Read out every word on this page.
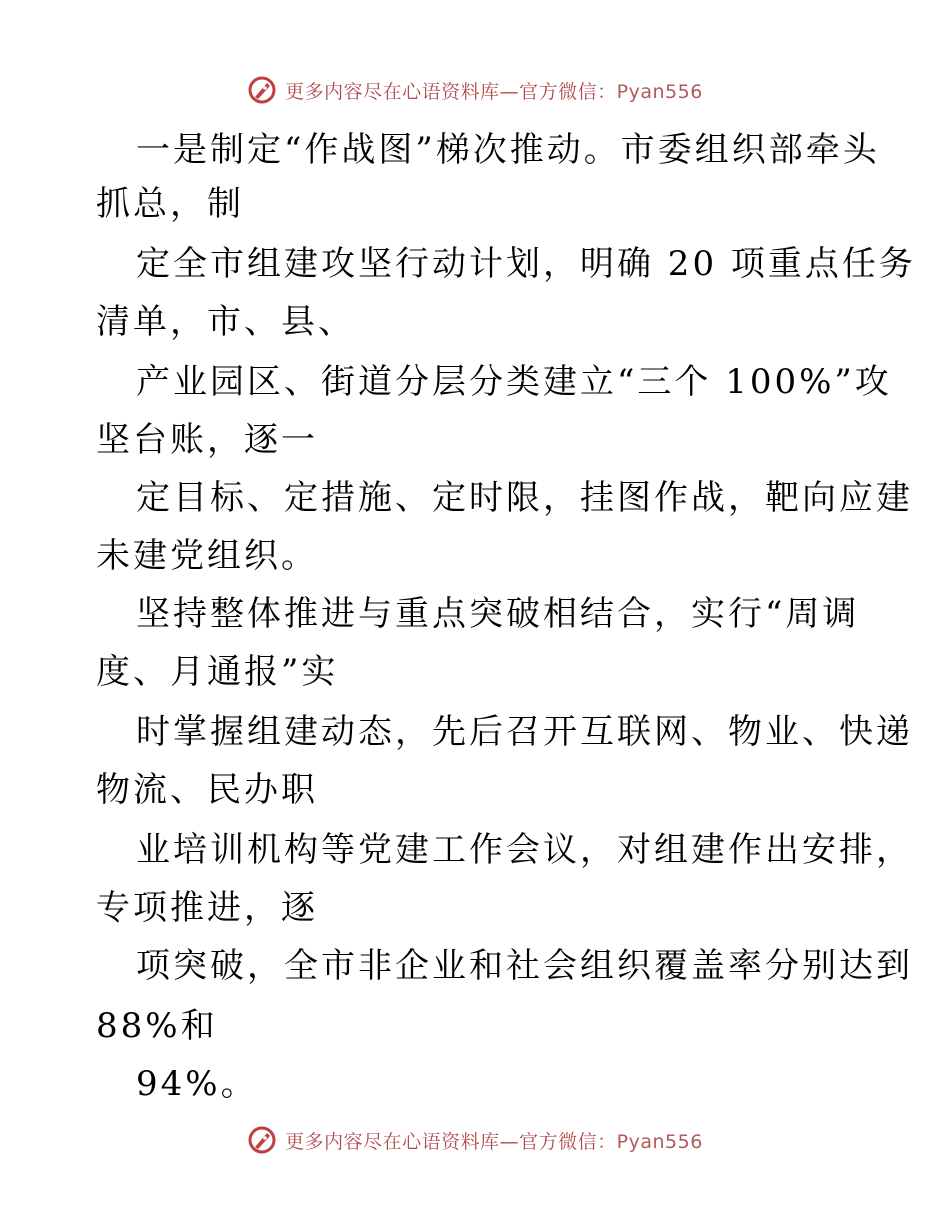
更多内容尽在心语资料库—官方微信：Pyan556
一是制定“作战图”梯次推动。市委组织部牵头
抓总，制
定全市组建攻坚行动计划，明确 20 项重点任务
清单，市、县、
产业园区、街道分层分类建立“三个 100%”攻
坚台账，逐一
定目标、定措施、定时限，挂图作战，靶向应建
未建党组织。
坚持整体推进与重点突破相结合，实行“周调
度、月通报”实
时掌握组建动态，先后召开互联网、物业、快递
物流、民办职
业培训机构等党建工作会议，对组建作出安排，
专项推进，逐
项突破，全市非企业和社会组织覆盖率分别达到
88%和
94%。
更多内容尽在心语资料库—官方微信：Pyan556
